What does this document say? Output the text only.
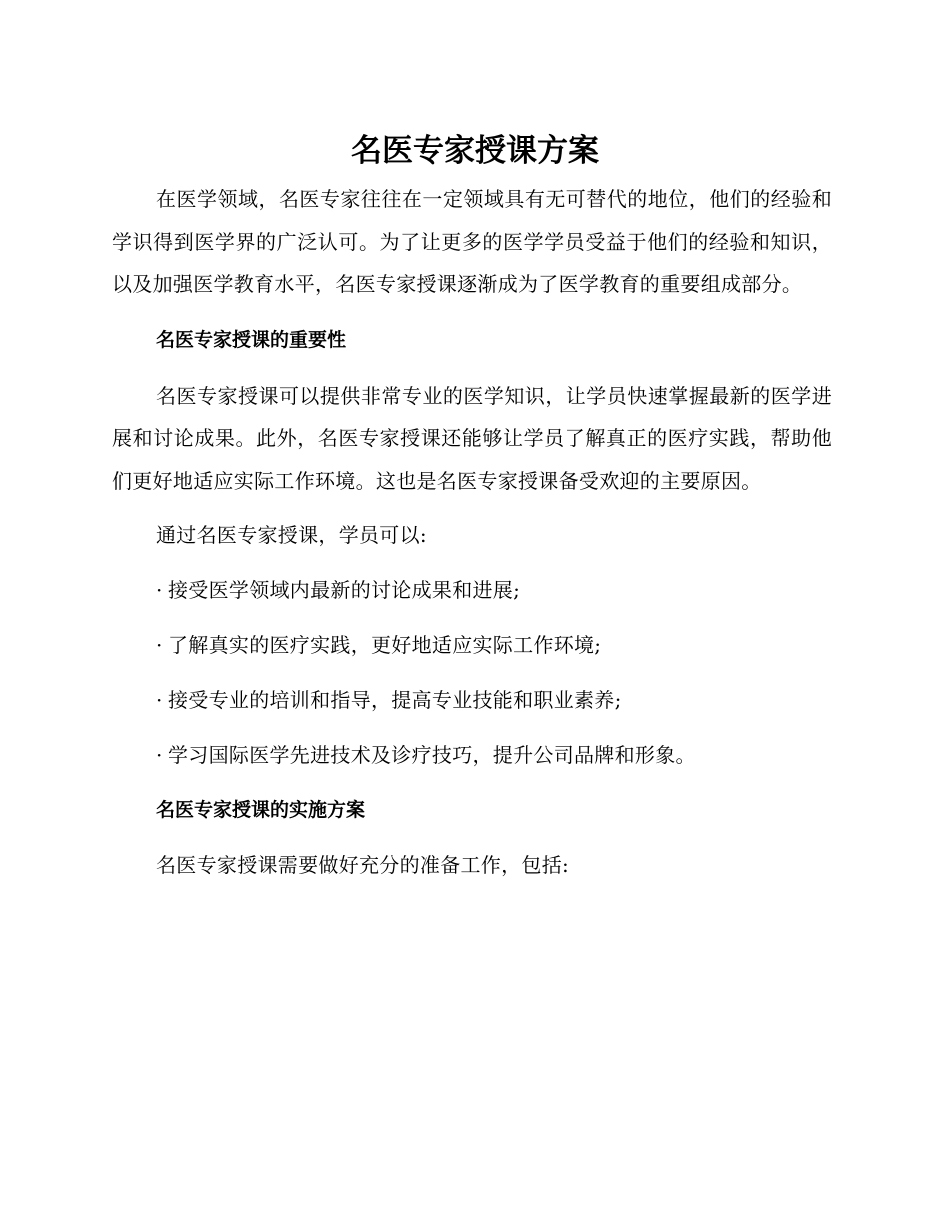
名医专家授课方案

在医学领域，名医专家往往在一定领域具有无可替代的地位，他们的经验和学识得到医学界的广泛认可。为了让更多的医学学员受益于他们的经验和知识，以及加强医学教育水平，名医专家授课逐渐成为了医学教育的重要组成部分。

名医专家授课的重要性

名医专家授课可以提供非常专业的医学知识，让学员快速掌握最新的医学进展和讨论成果。此外，名医专家授课还能够让学员了解真正的医疗实践，帮助他们更好地适应实际工作环境。这也是名医专家授课备受欢迎的主要原因。

通过名医专家授课，学员可以:

· 接受医学领域内最新的讨论成果和进展;

· 了解真实的医疗实践，更好地适应实际工作环境;

· 接受专业的培训和指导，提高专业技能和职业素养;

· 学习国际医学先进技术及诊疗技巧，提升公司品牌和形象。

名医专家授课的实施方案

名医专家授课需要做好充分的准备工作，包括:
